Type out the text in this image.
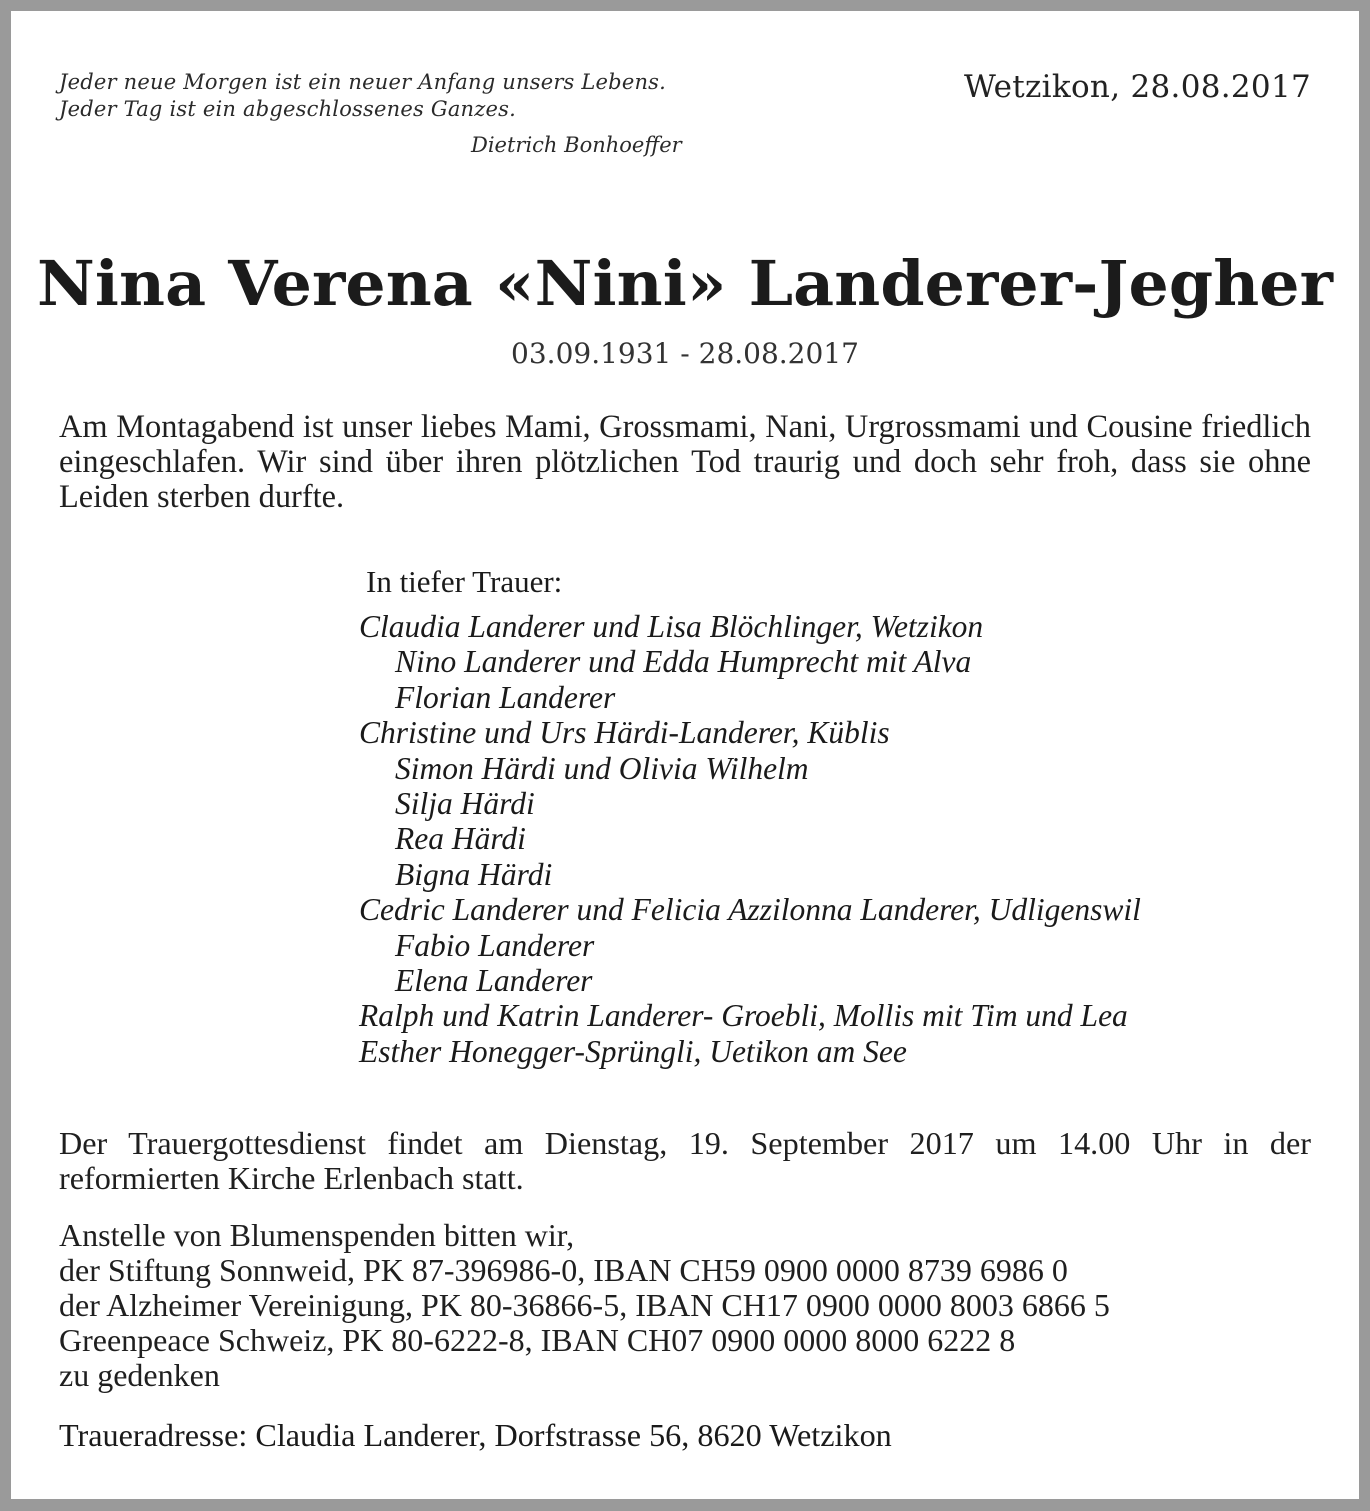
Jeder neue Morgen ist ein neuer Anfang unsers Lebens.
Jeder Tag ist ein abgeschlossenes Ganzes.
Dietrich Bonhoeffer
Wetzikon, 28.08.2017
Nina Verena «Nini» Landerer-Jegher
03.09.1931 - 28.08.2017
Am Montagabend ist unser liebes Mami, Grossmami, Nani, Urgrossmami und Cousine friedlich eingeschlafen. Wir sind über ihren plötzlichen Tod traurig und doch sehr froh, dass sie ohne Leiden sterben durfte.
In tiefer Trauer:
Claudia Landerer und Lisa Blöchlinger, Wetzikon
Nino Landerer und Edda Humprecht mit Alva
Florian Landerer
Christine und Urs Härdi-Landerer, Küblis
Simon Härdi und Olivia Wilhelm
Silja Härdi
Rea Härdi
Bigna Härdi
Cedric Landerer und Felicia Azzilonna Landerer, Udligenswil
Fabio Landerer
Elena Landerer
Ralph und Katrin Landerer- Groebli, Mollis mit Tim und Lea
Esther Honegger-Sprüngli, Uetikon am See
Der Trauergottesdienst findet am Dienstag, 19. September 2017 um 14.00 Uhr in der reformierten Kirche Erlenbach statt.
Anstelle von Blumenspenden bitten wir,
der Stiftung Sonnweid, PK 87-396986-0, IBAN CH59 0900 0000 8739 6986 0
der Alzheimer Vereinigung, PK 80-36866-5, IBAN CH17 0900 0000 8003 6866 5
Greenpeace Schweiz, PK 80-6222-8, IBAN CH07 0900 0000 8000 6222 8
zu gedenken
Traueradresse: Claudia Landerer, Dorfstrasse 56, 8620 Wetzikon
